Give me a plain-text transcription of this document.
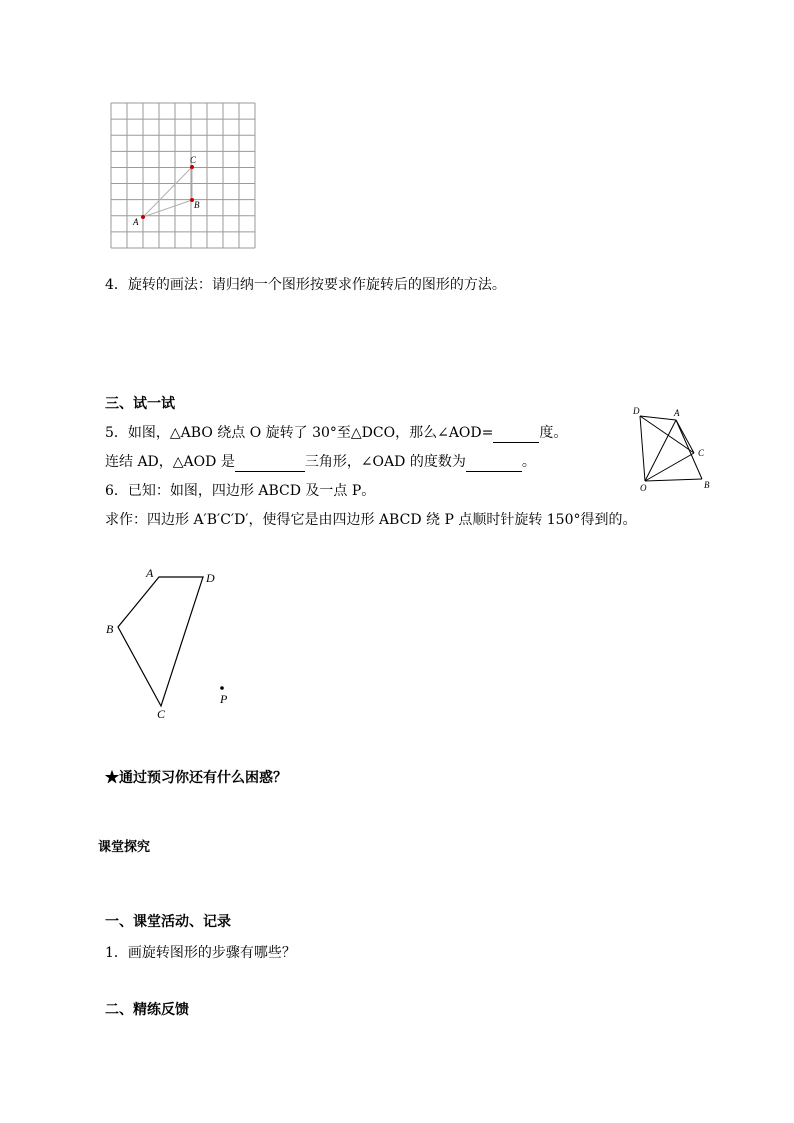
A
B
C
4．旋转的画法：请归纳一个图形按要求作旋转后的图形的方法。
三、试一试
5．如图，△ABO 绕点 O 旋转了 30°至△DCO，那么∠AOD=	度。
连结 AD，△AOD 是	三角形，∠OAD 的度数为	。
D	A
C
O	B
6．已知：如图，四边形 ABCD 及一点 P。
求作：四边形 A′B′C′D′，使得它是由四边形 ABCD 绕 P 点顺时针旋转 150°得到的。
A	D
B
C
P
★通过预习你还有什么困惑？
课堂探究
一、课堂活动、记录
1．画旋转图形的步骤有哪些？
二、精练反馈
